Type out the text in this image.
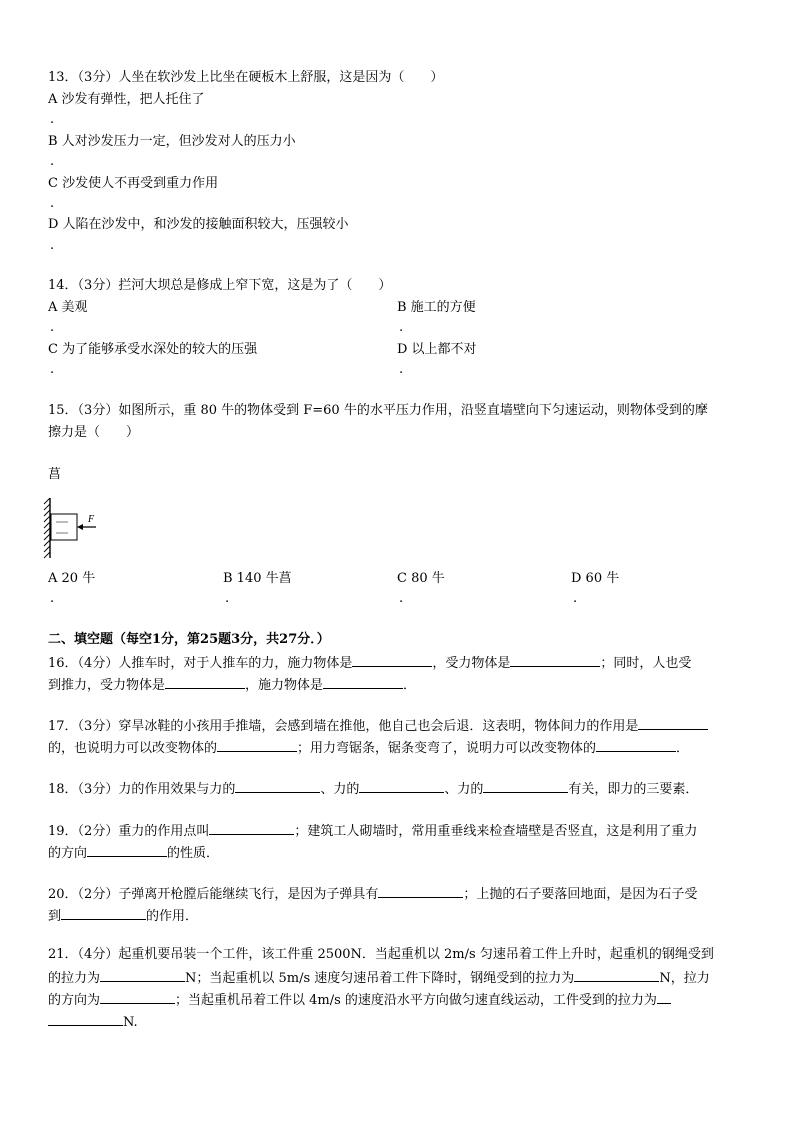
13．（3分）人坐在软沙发上比坐在硬板木上舒服，这是因为（　　）
A 沙发有弹性，把人托住了
.
B 人对沙发压力一定，但沙发对人的压力小
.
C 沙发使人不再受到重力作用
.
D 人陷在沙发中，和沙发的接触面积较大，压强较小
.
14．（3分）拦河大坝总是修成上窄下宽，这是为了（　　）
A 美观	B 施工的方便
.	.
C 为了能够承受水深处的较大的压强	D 以上都不对
.	.
15．（3分）如图所示，重 80 牛的物体受到 F=60 牛的水平压力作用，沿竖直墙壁向下匀速运动，则物体受到的摩
擦力是（　　）
菖
F
A 20 牛	B 140 牛菖	C 80 牛	D 60 牛
.	.	.	.
二、填空题（每空1分，第25题3分，共27分．）
16．（4分）人推车时，对于人推车的力，施力物体是	，受力物体是	；同时，人也受
到推力，受力物体是	，施力物体是	．
17．（3分）穿旱冰鞋的小孩用手推墙，会感到墙在推他，他自己也会后退．这表明，物体间力的作用是
的，也说明力可以改变物体的	；用力弯锯条，锯条变弯了，说明力可以改变物体的	．
18．（3分）力的作用效果与力的	、力的	、力的	有关，即力的三要素．
19．（2分）重力的作用点叫	；建筑工人砌墙时，常用重垂线来检查墙壁是否竖直，这是利用了重力
的方向	的性质．
20．（2分）子弹离开枪膛后能继续飞行，是因为子弹具有	；上抛的石子要落回地面，是因为石子受
到	的作用．
21．（4分）起重机要吊装一个工件，该工件重 2500N．当起重机以 2m/s 匀速吊着工件上升时，起重机的钢绳受到
的拉力为	N；当起重机以 5m/s 速度匀速吊着工件下降时，钢绳受到的拉力为	N，拉力
的方向为	；当起重机吊着工件以 4m/s 的速度沿水平方向做匀速直线运动，工件受到的拉力为
N.
